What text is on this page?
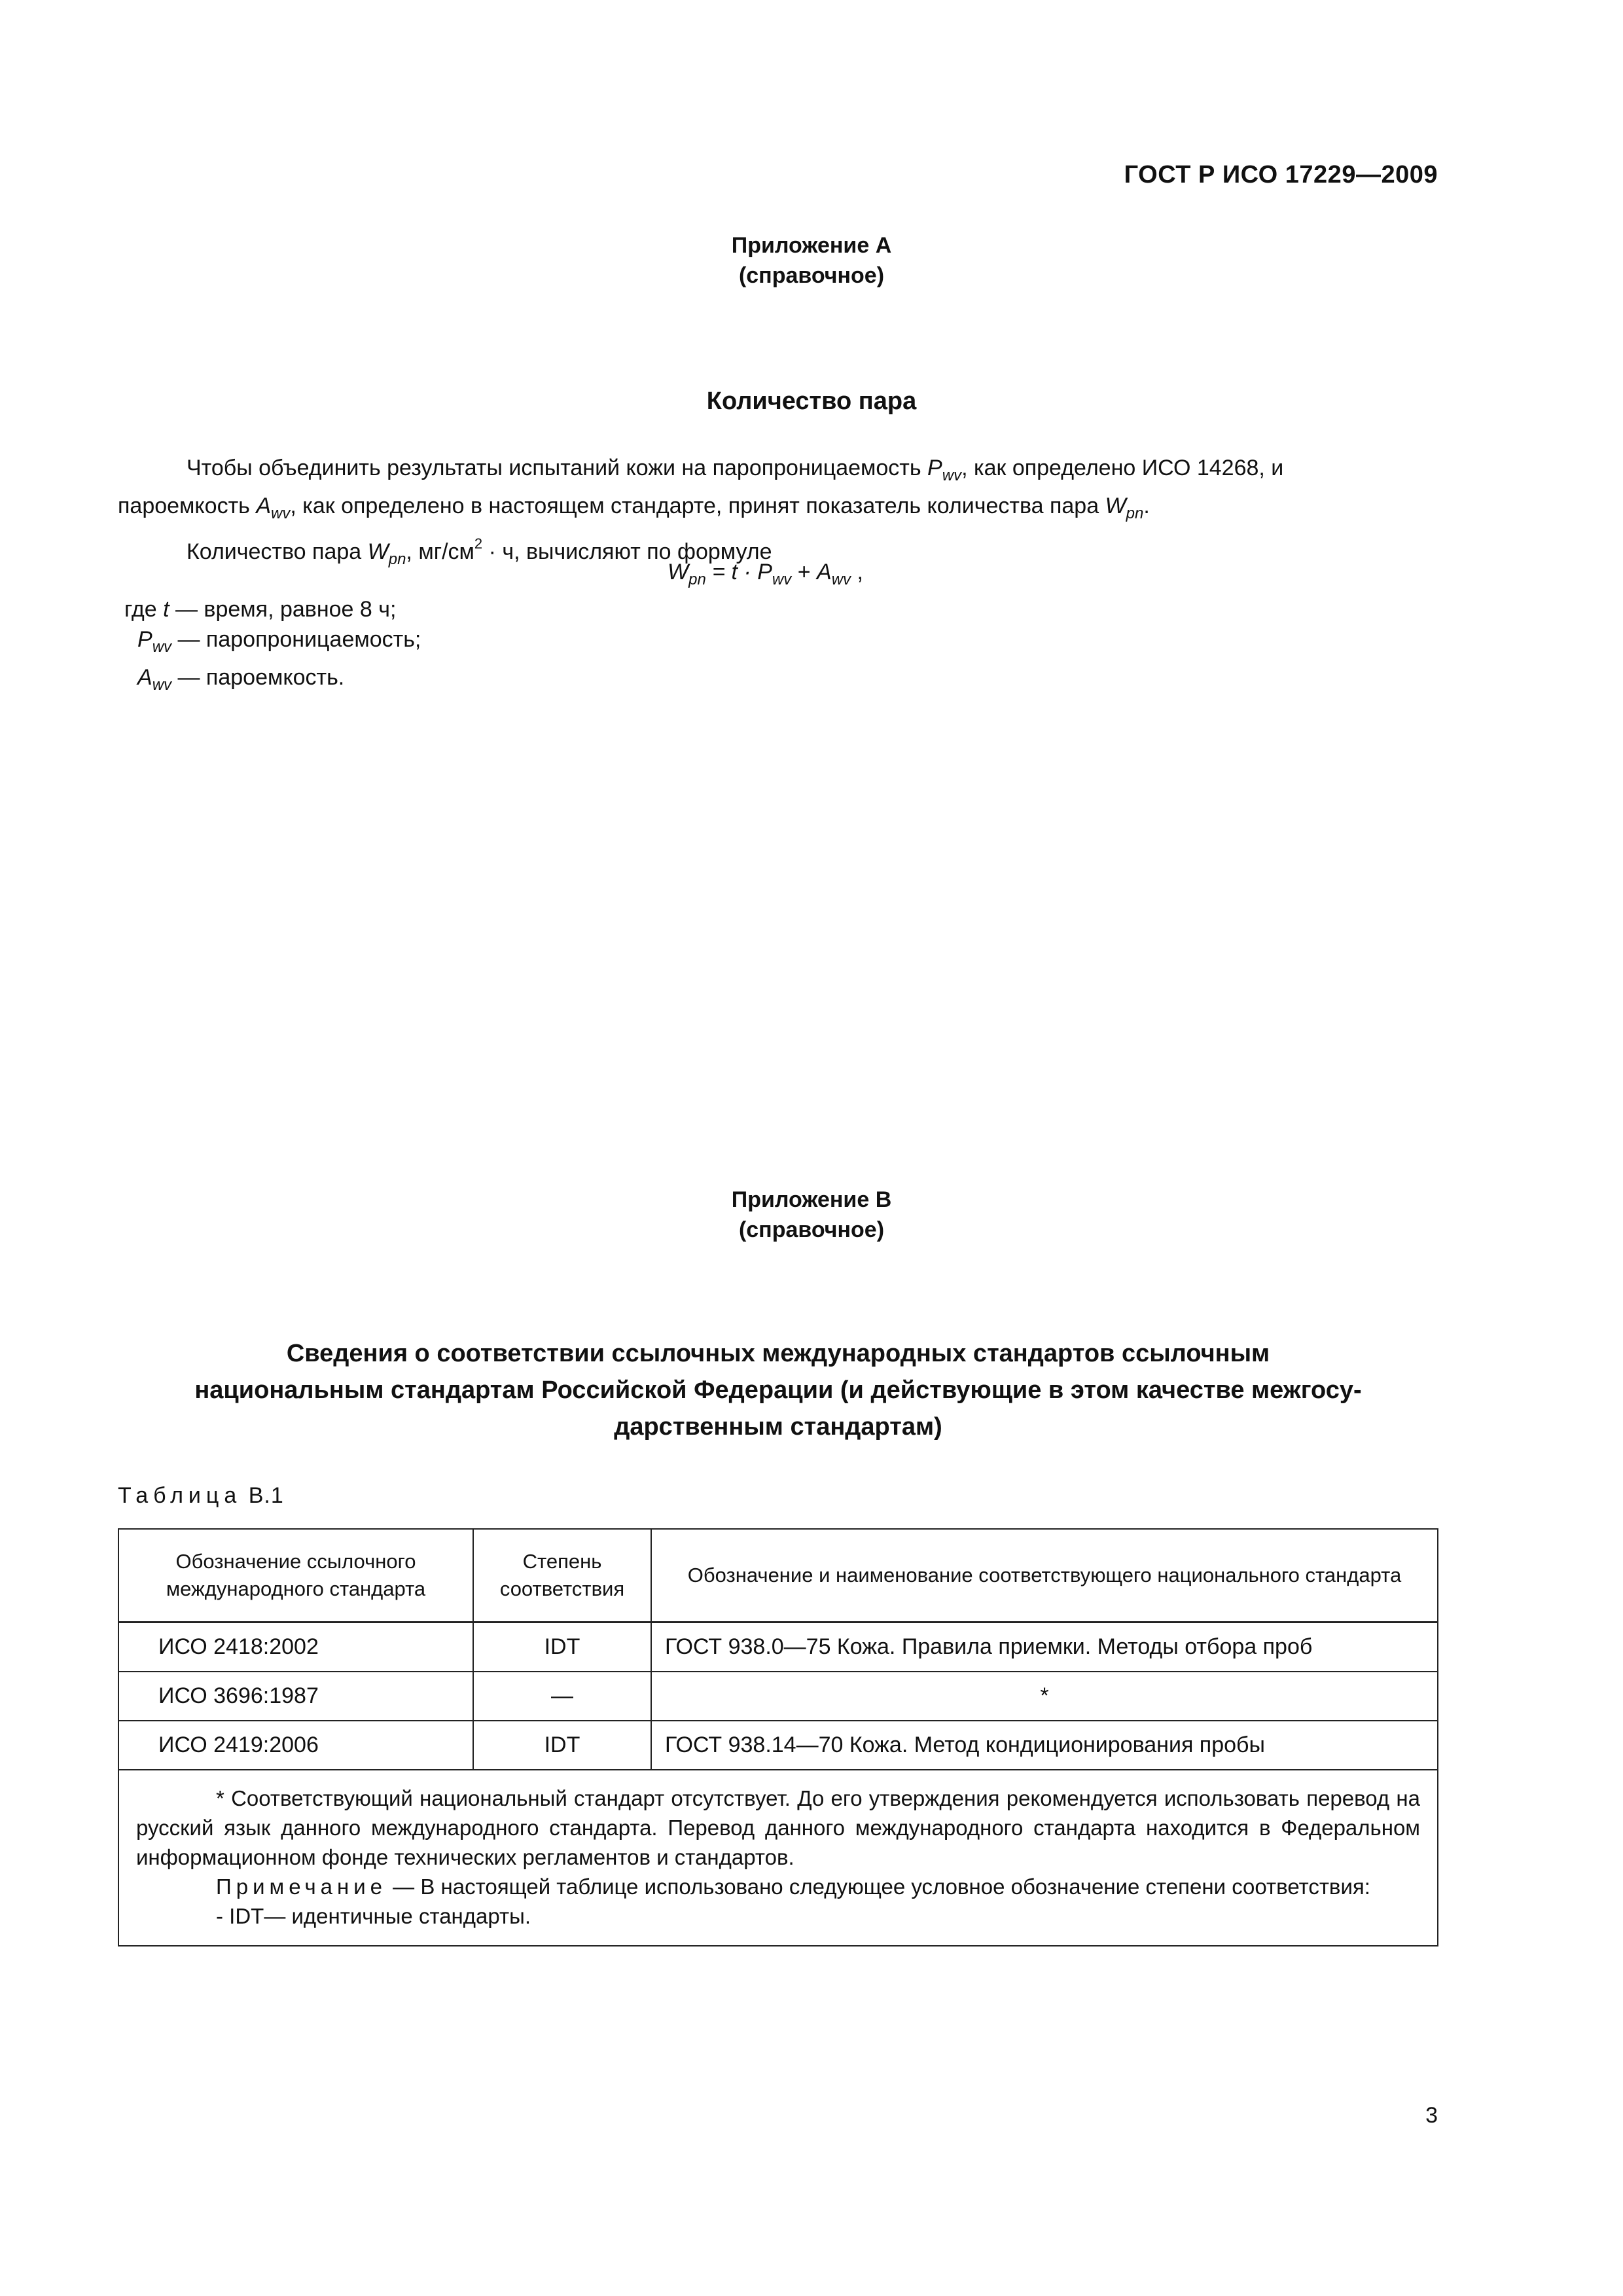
ГОСТ Р ИСО 17229—2009
Приложение А
(справочное)
Количество пара
Чтобы объединить результаты испытаний кожи на паропроницаемость $P_{wv}$, как определено ИСО 14268, и
пароемкость $A_{wv}$, как определено в настоящем стандарте, принят показатель количества пара $W_{pn}$.
Количество пара $W_{pn}$, $мг/см^2 \cdot ч$, вычисляют по формуле
$W_{pn} = t \cdot P_{wv} + A_{wv}$ ,
где t — время, равное 8 ч;
$P_{wv}$ — паропроницаемость;
$A_{wv}$ — пароемкость.
Приложение В
(справочное)
Сведения о соответствии ссылочных международных стандартов ссылочным
национальным стандартам Российской Федерации (и действующие в этом качестве межгосу-
дарственным стандартам)
Таблица В.1
Обозначение ссылочного международного стандарта	Степень соответствия	Обозначение и наименование соответствующего национального стандарта
ИСО 2418:2002	IDT	ГОСТ 938.0—75 Кожа. Правила приемки. Методы отбора проб
ИСО 3696:1987	—	*
ИСО 2419:2006	IDT	ГОСТ 938.14—70 Кожа. Метод кондиционирования пробы

* Соответствующий национальный стандарт отсутствует. До его утверждения рекомендуется использовать перевод на русский язык данного международного стандарта. Перевод данного международного стандарта находится в Федеральном информационном фонде технических регламентов и стандартов.

Примечание — В настоящей таблице использовано следующее условное обозначение степени соответствия:

- IDT— идентичные стандарты.		

3
